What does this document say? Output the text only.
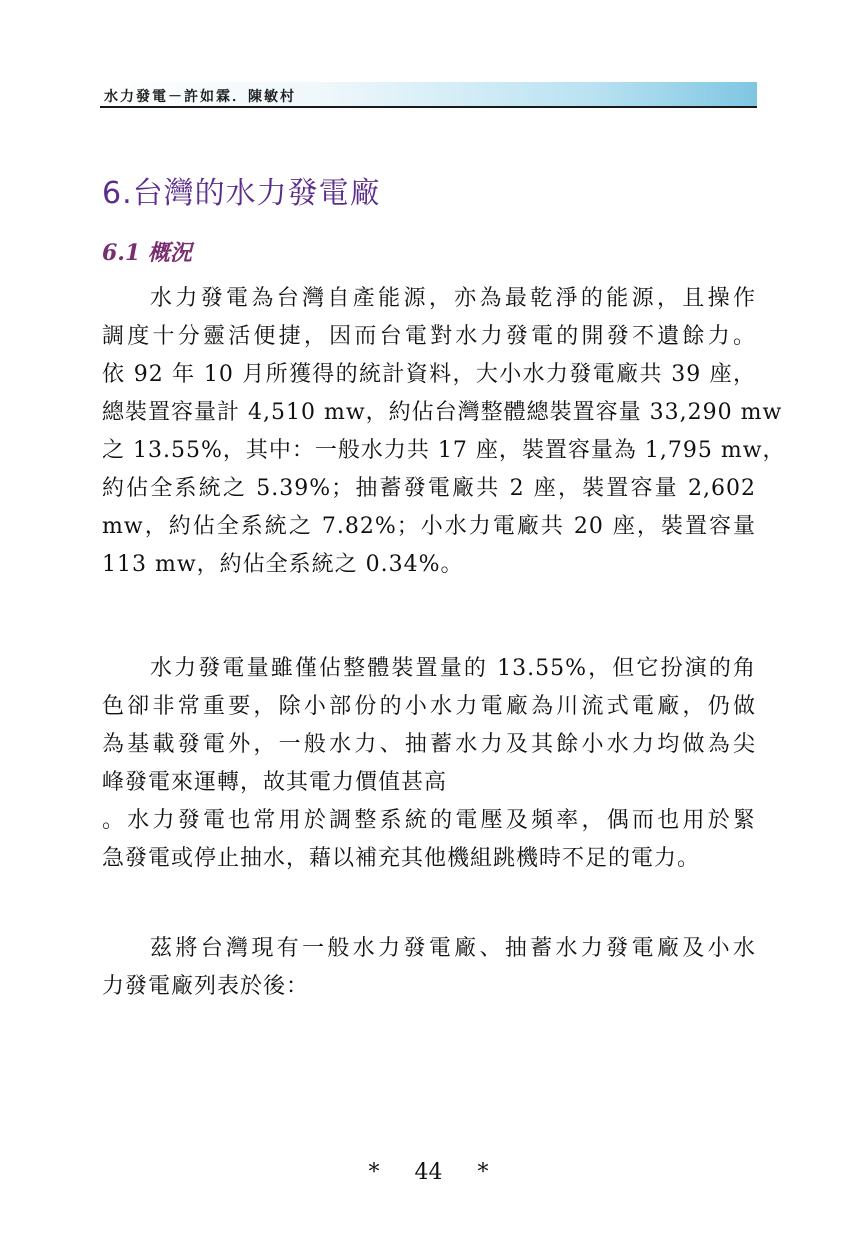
水力發電－許如霖．陳敏村
6.台灣的水力發電廠
6.1 概況
水力發電為台灣自產能源，亦為最乾淨的能源，且操作
調度十分靈活便捷，因而台電對水力發電的開發不遺餘力。
依 92 年 10 月所獲得的統計資料，大小水力發電廠共 39 座，
總裝置容量計 4,510 mw，約佔台灣整體總裝置容量 33,290 mw
之 13.55%，其中：一般水力共 17 座，裝置容量為 1,795 mw，
約佔全系統之 5.39%；抽蓄發電廠共 2 座，裝置容量 2,602
mw，約佔全系統之 7.82%；小水力電廠共 20 座，裝置容量
113 mw，約佔全系統之 0.34%。
水力發電量雖僅佔整體裝置量的 13.55%，但它扮演的角
色卻非常重要，除小部份的小水力電廠為川流式電廠，仍做
為基載發電外，一般水力、抽蓄水力及其餘小水力均做為尖
峰發電來運轉，故其電力價值甚高
。水力發電也常用於調整系統的電壓及頻率，偶而也用於緊
急發電或停止抽水，藉以補充其他機組跳機時不足的電力。
茲將台灣現有一般水力發電廠、抽蓄水力發電廠及小水
力發電廠列表於後：
* 44 *
